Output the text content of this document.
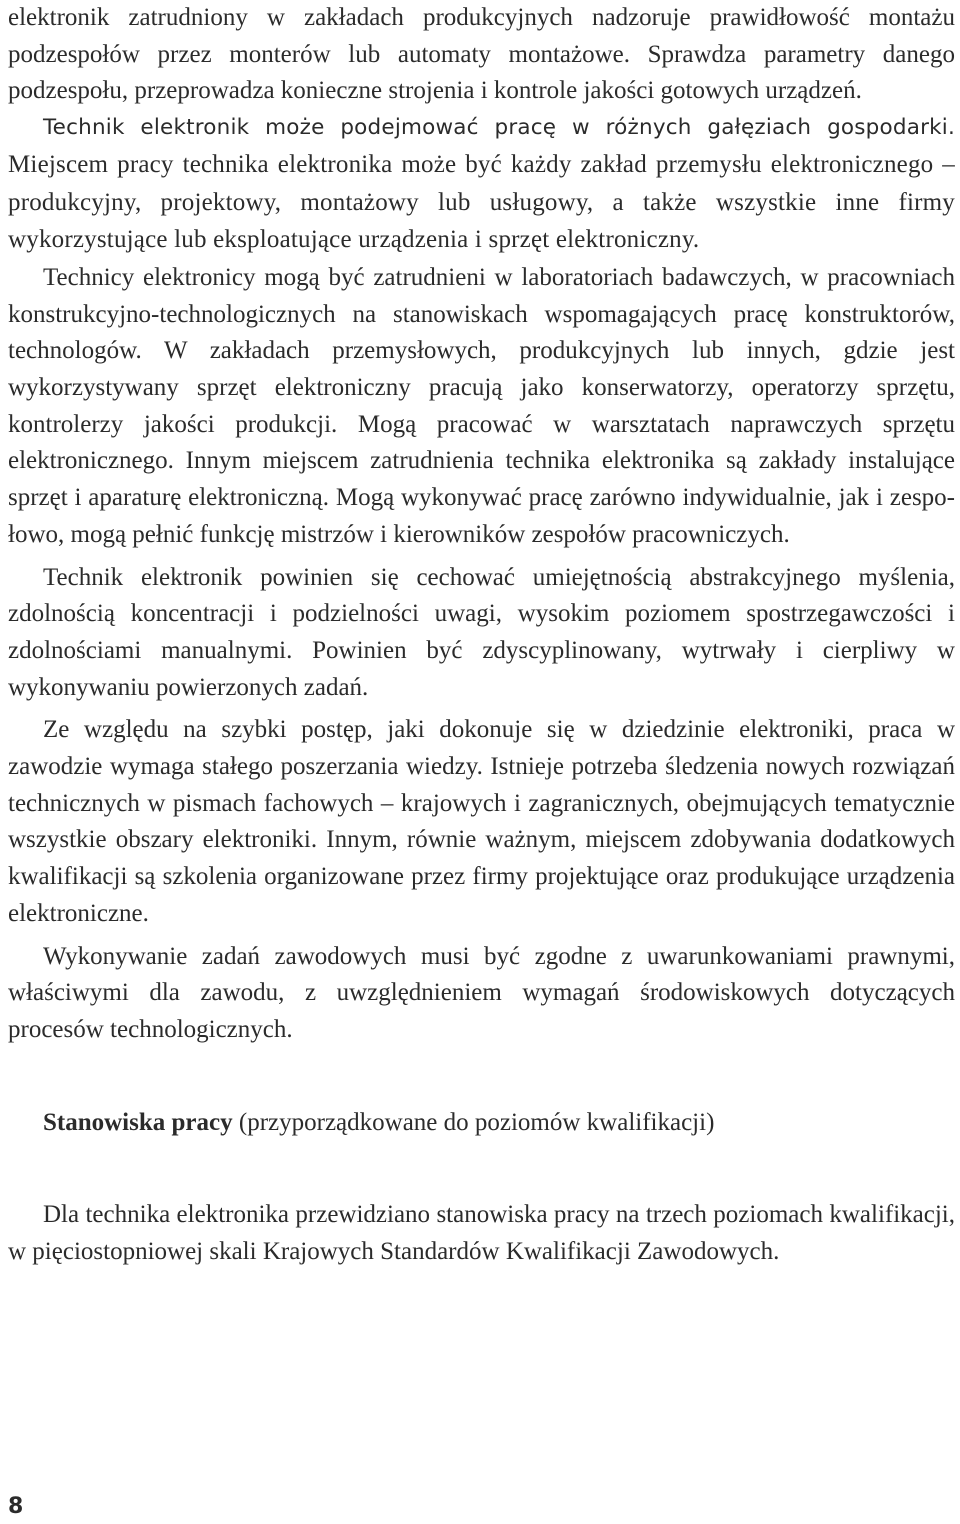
elektronik zatrudniony w zakładach produkcyjnych nadzoruje prawidłowość montażu podzespołów przez monterów lub automaty montażowe. Sprawdza parametry danego podzespołu, przeprowadza konieczne strojenia i kontrole jakości gotowych urządzeń.

Technik elektronik może podejmować pracę w różnych gałęziach gospodarki. Miejscem pracy technika elektronika może być każdy zakład przemysłu elektronicznego – produkcyjny, projektowy, montażowy lub usługowy, a także wszystkie inne firmy wykorzystujące lub eksploatujące urządzenia i sprzęt elektroniczny.

Technicy elektronicy mogą być zatrudnieni w laboratoriach badawczych, w pracowniach konstrukcyjno-technologicznych na stanowiskach wspomagających pracę konstruktorów, technologów. W zakładach przemysłowych, produkcyjnych lub innych, gdzie jest wykorzystywany sprzęt elektroniczny pracują jako konserwatorzy, operatorzy sprzętu, kontrolerzy jakości produkcji. Mogą pracować w warsztatach naprawczych sprzętu elektronicznego. Innym miejscem zatrudnienia technika elektronika są zakłady instalujące sprzęt i aparaturę elektroniczną. Mogą wykonywać pracę zarówno indywidualnie, jak i zespołowo, mogą pełnić funkcję mistrzów i kierowników zespołów pracowniczych.

Technik elektronik powinien się cechować umiejętnością abstrakcyjnego myślenia, zdolnością koncentracji i podzielności uwagi, wysokim poziomem spostrzegawczości i zdolnościami manualnymi. Powinien być zdyscyplinowany, wytrwały i cierpliwy w wykonywaniu powierzonych zadań.

Ze względu na szybki postęp, jaki dokonuje się w dziedzinie elektroniki, praca w zawodzie wymaga stałego poszerzania wiedzy. Istnieje potrzeba śledzenia nowych rozwiązań technicznych w pismach fachowych – krajowych i zagranicznych, obejmujących tematycznie wszystkie obszary elektroniki. Innym, równie ważnym, miejscem zdobywania dodatkowych kwalifikacji są szkolenia organizowane przez firmy projektujące oraz produkujące urządzenia elektroniczne.

Wykonywanie zadań zawodowych musi być zgodne z uwarunkowaniami prawnymi, właściwymi dla zawodu, z uwzględnieniem wymagań środowiskowych dotyczących procesów technologicznych.

Stanowiska pracy (przyporządkowane do poziomów kwalifikacji)

Dla technika elektronika przewidziano stanowiska pracy na trzech poziomach kwalifikacji, w pięciostopniowej skali Krajowych Standardów Kwalifikacji Zawodowych.

8
